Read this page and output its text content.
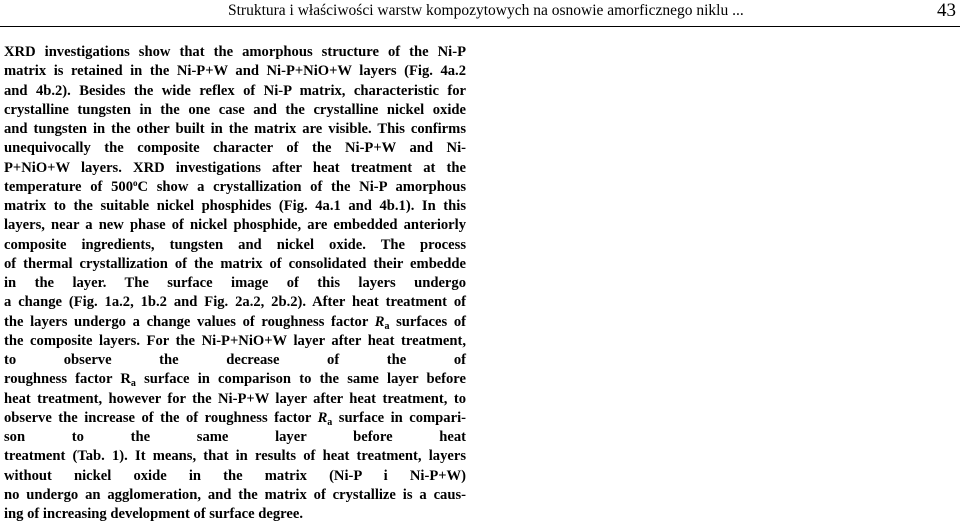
Struktura i właściwości warstw kompozytowych na osnowie amorficznego niklu ...	43
XRD investigations show that the amorphous structure of the Ni-P
matrix is retained in the Ni-P+W and Ni-P+NiO+W layers (Fig. 4a.2
and 4b.2). Besides the wide reflex of Ni-P matrix, characteristic for
crystalline tungsten in the one case and the crystalline nickel oxide
and tungsten in the other built in the matrix are visible. This confirms
unequivocally the composite character of the Ni-P+W and Ni-
P+NiO+W layers. XRD investigations after heat treatment at the
temperature of 500$^o$C show a crystallization of the Ni-P amorphous
matrix to the suitable nickel phosphides (Fig. 4a.1 and 4b.1). In this
layers, near a new phase of nickel phosphide, are embedded anteriorly
composite ingredients, tungsten and nickel oxide. The process
of thermal crystallization of the matrix of consolidated their embedde
in the layer. The surface image of this layers undergo
a change (Fig. 1a.2, 1b.2 and Fig. 2a.2, 2b.2). After heat treatment of
the layers undergo a change values of roughness factor $R_a$ surfaces of
the composite layers. For the Ni-P+NiO+W layer after heat treatment,
to observe the decrease of the of
roughness factor $R_a$ surface in comparison to the same layer before
heat treatment, however for the Ni-P+W layer after heat treatment, to
observe the increase of the of roughness factor $R_a$ surface in compari-
son to the same layer before heat
treatment (Tab. 1). It means, that in results of heat treatment, layers
without nickel oxide in the matrix (Ni-P i Ni-P+W)
no undergo an agglomeration, and the matrix of crystallize is a caus-
ing of increasing development of surface degree.
